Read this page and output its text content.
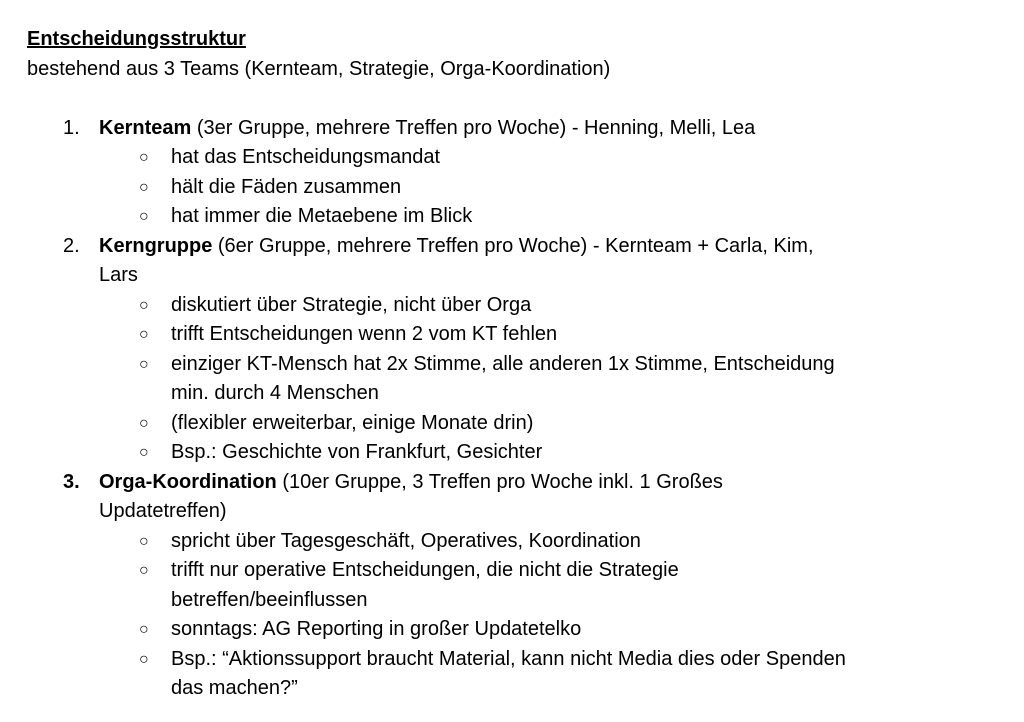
Entscheidungsstruktur
bestehend aus 3 Teams (Kernteam, Strategie, Orga-Koordination)
1. Kernteam (3er Gruppe, mehrere Treffen pro Woche) - Henning, Melli, Lea
○ hat das Entscheidungsmandat
○ hält die Fäden zusammen
○ hat immer die Metaebene im Blick
2. Kerngruppe (6er Gruppe, mehrere Treffen pro Woche) - Kernteam + Carla, Kim,
Lars
○ diskutiert über Strategie, nicht über Orga
○ trifft Entscheidungen wenn 2 vom KT fehlen
○ einziger KT-Mensch hat 2x Stimme, alle anderen 1x Stimme, Entscheidung
min. durch 4 Menschen
○ (flexibler erweiterbar, einige Monate drin)
○ Bsp.: Geschichte von Frankfurt, Gesichter
3. Orga-Koordination (10er Gruppe, 3 Treffen pro Woche inkl. 1 Großes
Updatetreffen)
○ spricht über Tagesgeschäft, Operatives, Koordination
○ trifft nur operative Entscheidungen, die nicht die Strategie
betreffen/beeinflussen
○ sonntags: AG Reporting in großer Updatetelko
○ Bsp.: “Aktionssupport braucht Material, kann nicht Media dies oder Spenden
das machen?”
